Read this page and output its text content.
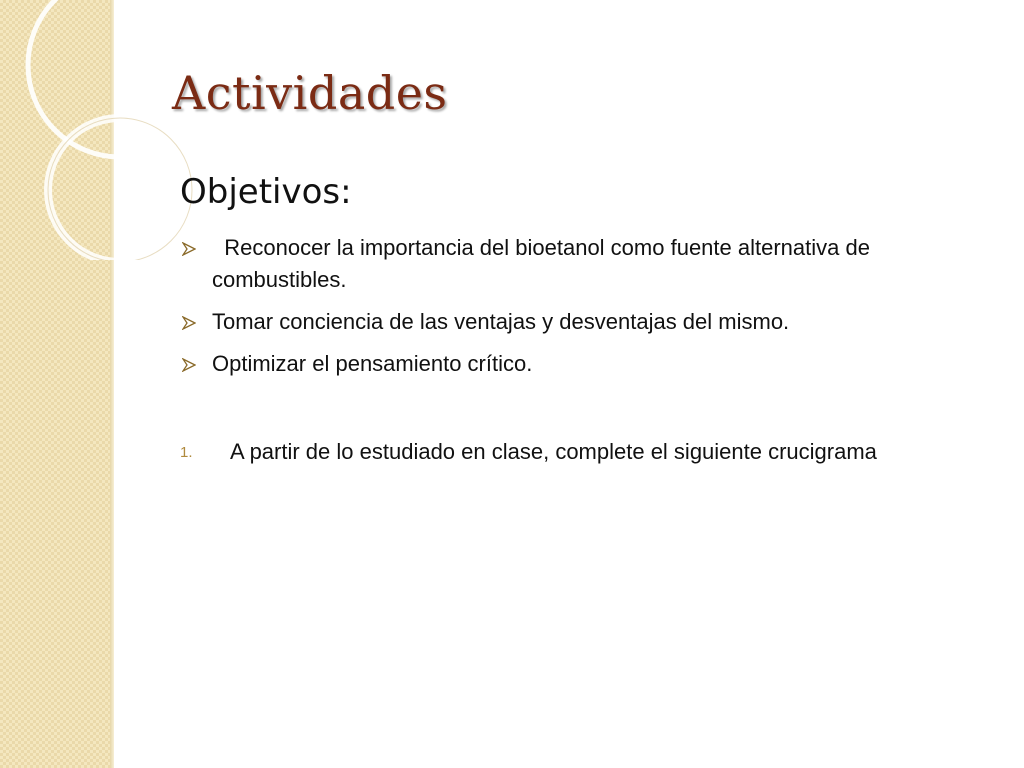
Actividades
Objetivos:
Reconocer la importancia del bioetanol como fuente alternativa de combustibles.
Tomar conciencia de las ventajas y desventajas del mismo.
Optimizar el pensamiento crítico.
1. A partir de lo estudiado en clase, complete el siguiente crucigrama
